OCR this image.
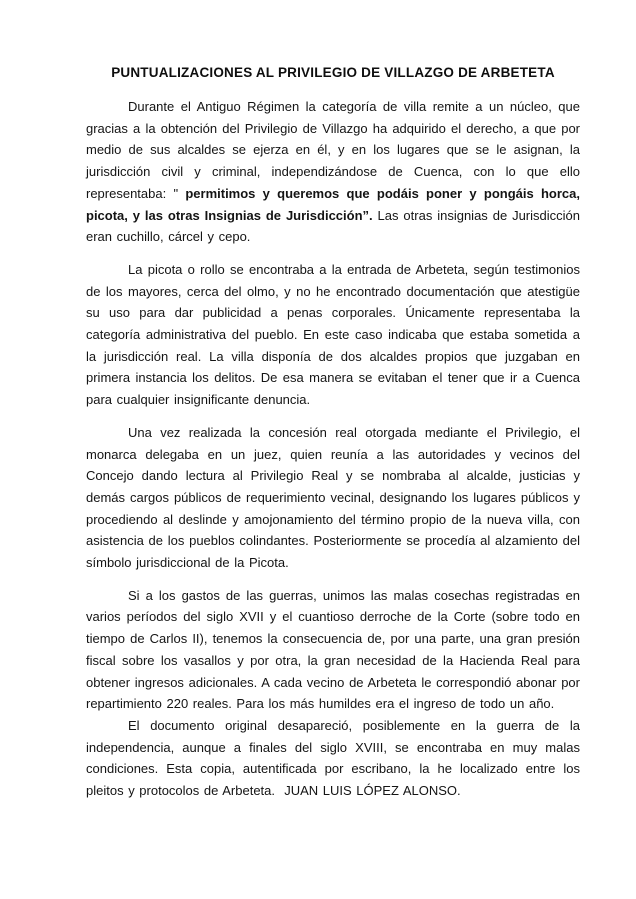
PUNTUALIZACIONES AL PRIVILEGIO DE VILLAZGO DE ARBETETA

Durante el Antiguo Régimen la categoría de villa remite a un núcleo, que gracias a la obtención del Privilegio de Villazgo ha adquirido el derecho, a que por medio de sus alcaldes se ejerza en él, y en los lugares que se le asignan, la jurisdicción civil y criminal, independizándose de Cuenca, con lo que ello representaba: " permitimos y queremos que podáis poner y pongáis horca, picota, y las otras Insignias de Jurisdicción”. Las otras insignias de Jurisdicción eran cuchillo, cárcel y cepo.

La picota o rollo se encontraba a la entrada de Arbeteta, según testimonios de los mayores, cerca del olmo, y no he encontrado documentación que atestigüe su uso para dar publicidad a penas corporales. Únicamente representaba la categoría administrativa del pueblo. En este caso indicaba que estaba sometida a la jurisdicción real. La villa disponía de dos alcaldes propios que juzgaban en primera instancia los delitos. De esa manera se evitaban el tener que ir a Cuenca para cualquier insignificante denuncia.

Una vez realizada la concesión real otorgada mediante el Privilegio, el monarca delegaba en un juez, quien reunía a las autoridades y vecinos del Concejo dando lectura al Privilegio Real y se nombraba al alcalde, justicias y demás cargos públicos de requerimiento vecinal, designando los lugares públicos y procediendo al deslinde y amojonamiento del término propio de la nueva villa, con asistencia de los pueblos colindantes. Posteriormente se procedía al alzamiento del símbolo jurisdiccional de la Picota.

Si a los gastos de las guerras, unimos las malas cosechas registradas en varios períodos del siglo XVII y el cuantioso derroche de la Corte (sobre todo en tiempo de Carlos II), tenemos la consecuencia de, por una parte, una gran presión fiscal sobre los vasallos y por otra, la gran necesidad de la Hacienda Real para obtener ingresos adicionales. A cada vecino de Arbeteta le correspondió abonar por repartimiento 220 reales. Para los más humildes era el ingreso de todo un año.

El documento original desapareció, posiblemente en la guerra de la independencia, aunque a finales del siglo XVIII, se encontraba en muy malas condiciones. Esta copia, autentificada por escribano, la he localizado entre los pleitos y protocolos de Arbeteta.  JUAN LUIS LÓPEZ ALONSO.
